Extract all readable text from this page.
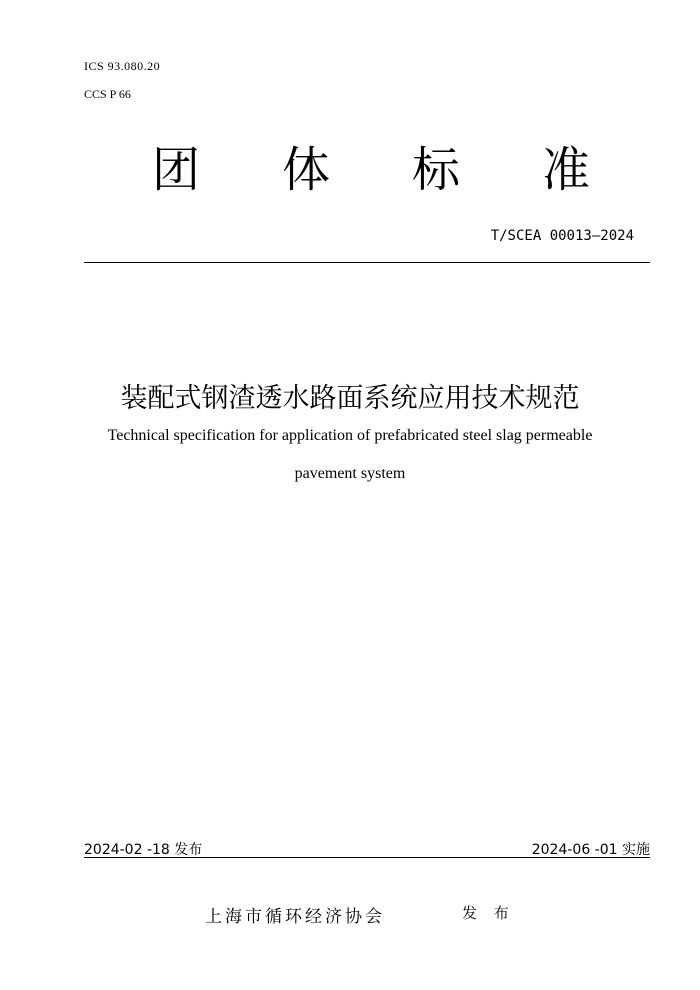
ICS 93.080.20
CCS P 66
团 体 标 准
T/SCEA 00013—2024
装配式钢渣透水路面系统应用技术规范
Technical specification for application of prefabricated steel slag permeable
pavement system
2024-02 -18 发布	2024-06 -01 实施
上海市循环经济协会	发 布
